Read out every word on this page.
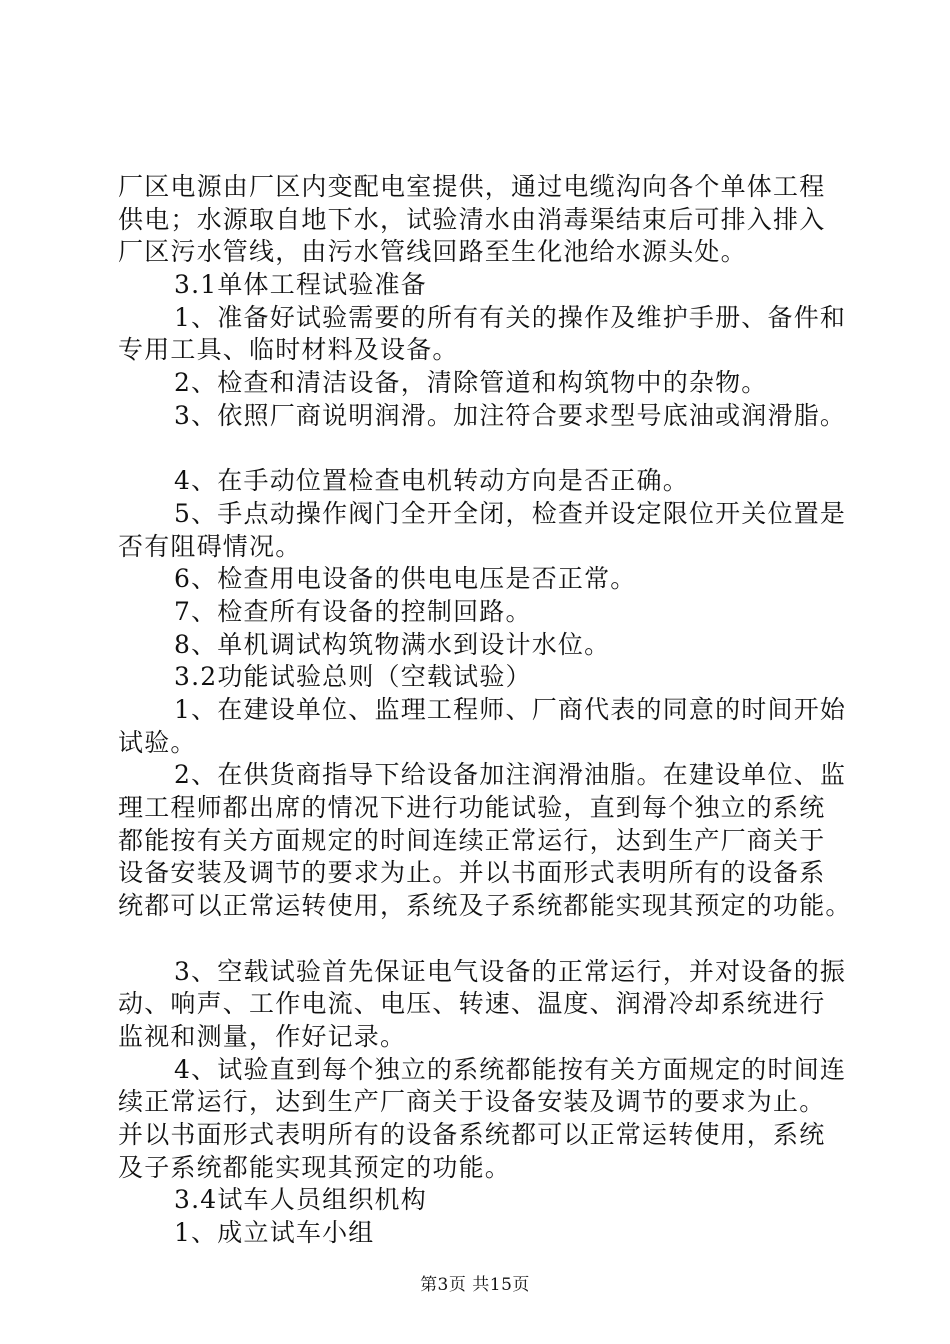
厂区电源由厂区内变配电室提供，通过电缆沟向各个单体工程
供电；水源取自地下水，试验清水由消毒渠结束后可排入排入
厂区污水管线，由污水管线回路至生化池给水源头处。
3.1单体工程试验准备
1、准备好试验需要的所有有关的操作及维护手册、备件和
专用工具、临时材料及设备。
2、检查和清洁设备，清除管道和构筑物中的杂物。
3、依照厂商说明润滑。加注符合要求型号底油或润滑脂。
4、在手动位置检查电机转动方向是否正确。
5、手点动操作阀门全开全闭，检查并设定限位开关位置是
否有阻碍情况。
6、检查用电设备的供电电压是否正常。
7、检查所有设备的控制回路。
8、单机调试构筑物满水到设计水位。
3.2功能试验总则（空载试验）
1、在建设单位、监理工程师、厂商代表的同意的时间开始
试验。
2、在供货商指导下给设备加注润滑油脂。在建设单位、监
理工程师都出席的情况下进行功能试验，直到每个独立的系统
都能按有关方面规定的时间连续正常运行，达到生产厂商关于
设备安装及调节的要求为止。并以书面形式表明所有的设备系
统都可以正常运转使用，系统及子系统都能实现其预定的功能。
3、空载试验首先保证电气设备的正常运行，并对设备的振
动、响声、工作电流、电压、转速、温度、润滑冷却系统进行
监视和测量，作好记录。
4、试验直到每个独立的系统都能按有关方面规定的时间连
续正常运行，达到生产厂商关于设备安装及调节的要求为止。
并以书面形式表明所有的设备系统都可以正常运转使用，系统
及子系统都能实现其预定的功能。
3.4试车人员组织机构
1、成立试车小组
第3页 共15页
